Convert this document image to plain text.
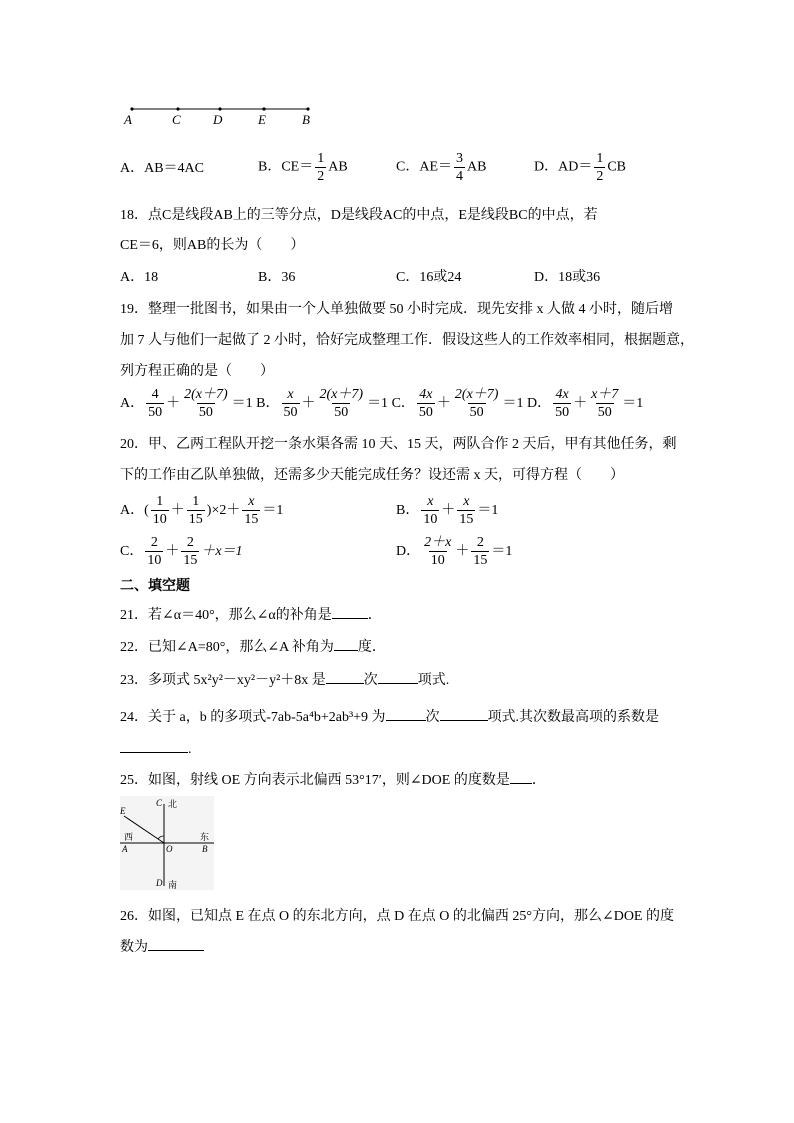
A	C D	E	B
A．AB＝4AC	B．$CE= \frac{1}{2}$ AB	C．$AE= \frac{3}{4}$ AB	D．$AD= \frac{1}{2}$ CB
18．点C是线段AB上的三等分点，D是线段AC的中点，E是线段BC的中点，若
CE＝6，则AB的长为（　　）
A．18	B．36	C．16或24	D．18或36
19．整理一批图书，如果由一个人单独做要 50 小时完成．现先安排 x 人做 4 小时，随后增
加 7 人与他们一起做了 2 小时，恰好完成整理工作．假设这些人的工作效率相同，根据题意，
列方程正确的是（　　）
A． $\frac{4}{50} + \frac{2(x+7)}{50} =1$ B． $\frac{x}{50} + \frac{2(x+7)}{50} =1$ C． $\frac{4x}{50} + \frac{2(x+7)}{50} =1$ D． $\frac{4x}{50} + \frac{x+7}{50} =1$
20．甲、乙两工程队开挖一条水渠各需 10 天、15 天，两队合作 2 天后，甲有其他任务，剩
下的工作由乙队单独做，还需多少天能完成任务？设还需 x 天，可得方程（　　）
A．( $\frac{1}{10} + \frac{1}{15} )\times 2+ \frac{x}{15} =1$	B． $\frac{x}{10} + \frac{x}{15} =1$
C． $\frac{2}{10} + \frac{2}{15} +x=1$	D． $\frac{2+x}{10} + \frac{2}{15} =1$
二、填空题
21．若∠α＝40°，那么∠α的补角是	．
22．已知∠A=80°，那么∠A 补角为 度．
23．多项式 5x²y²－xy²－y²＋8x 是	次	项式.
24．关于 a，b 的多项式-7ab-5a⁴b+2ab³+9 为	次	项式.其次数最高项的系数是
.
25．如图，射线 OE 方向表示北偏西 53°17′，则∠DOE 的度数是 ．
C 北
E
西	东
A	O	B
D 南
26．如图，已知点 E 在点 O 的东北方向，点 D 在点 O 的北偏西 25°方向，那么∠DOE 的度
数为
